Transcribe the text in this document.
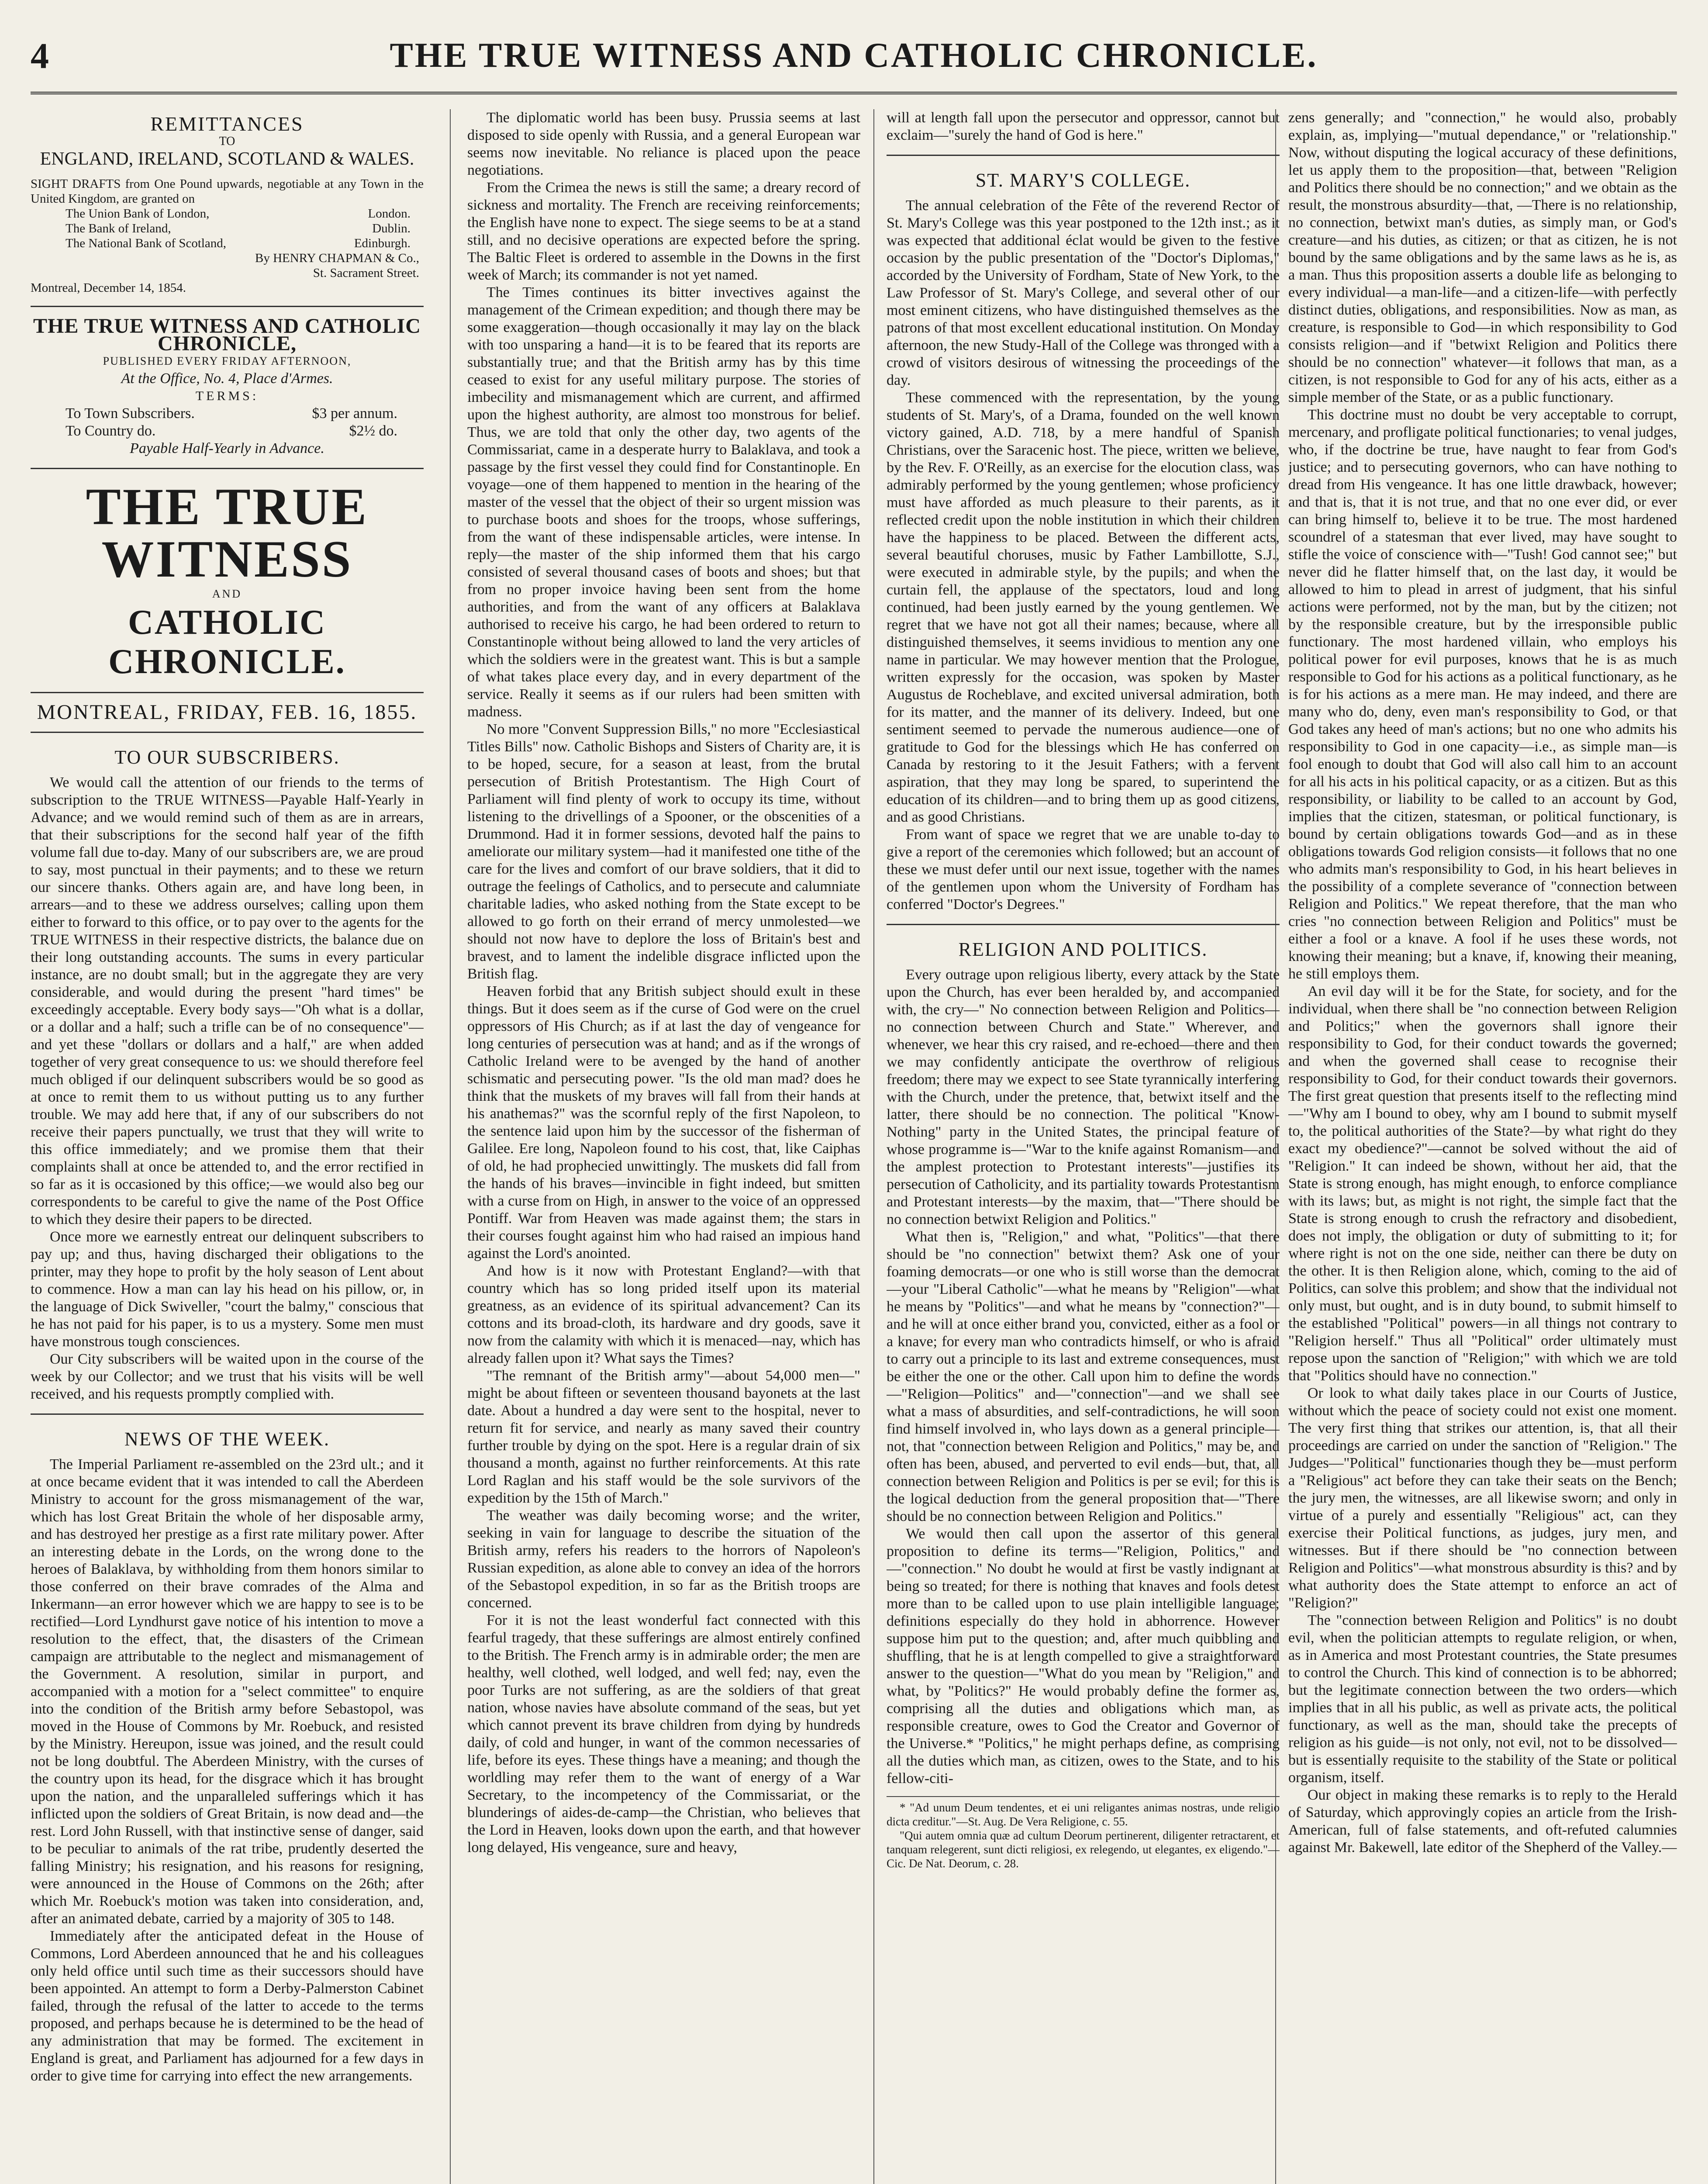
4	THE TRUE WITNESS AND CATHOLIC CHRONICLE.
REMITTANCES
TO
ENGLAND, IRELAND, SCOTLAND & WALES.

SIGHT DRAFTS from One Pound upwards, negotiable at any Town in the United Kingdom, are granted on

The Union Bank of London,	London.
The Bank of Ireland,	Dublin.
The National Bank of Scotland,	Edinburgh.
By HENRY CHAPMAN & Co.,
St. Sacrament Street.
Montreal, December 14, 1854.
THE TRUE WITNESS AND CATHOLIC CHRONICLE,
PUBLISHED EVERY FRIDAY AFTERNOON,
At the Office, No. 4, Place d'Armes.
TERMS:
To Town Subscribers.	$3 per annum.
To Country do.	$2½ do.
Payable Half-Yearly in Advance.
THE TRUE WITNESS
AND
CATHOLIC CHRONICLE.
MONTREAL, FRIDAY, FEB. 16, 1855.
TO OUR SUBSCRIBERS.

We would call the attention of our friends to the terms of subscription to the TRUE WITNESS—Payable Half-Yearly in Advance; and we would remind such of them as are in arrears, that their subscriptions for the second half year of the fifth volume fall due to-day. Many of our subscribers are, we are proud to say, most punctual in their payments; and to these we return our sincere thanks. Others again are, and have long been, in arrears—and to these we address ourselves; calling upon them either to forward to this office, or to pay over to the agents for the TRUE WITNESS in their respective districts, the balance due on their long outstanding accounts. The sums in every particular instance, are no doubt small; but in the aggregate they are very considerable, and would during the present "hard times" be exceedingly acceptable. Every body says—"Oh what is a dollar, or a dollar and a half; such a trifle can be of no consequence"—and yet these "dollars or dollars and a half," are when added together of very great consequence to us: we should therefore feel much obliged if our delinquent subscribers would be so good as at once to remit them to us without putting us to any further trouble. We may add here that, if any of our subscribers do not receive their papers punctually, we trust that they will write to this office immediately; and we promise them that their complaints shall at once be attended to, and the error rectified in so far as it is occasioned by this office;—we would also beg our correspondents to be careful to give the name of the Post Office to which they desire their papers to be directed.

Once more we earnestly entreat our delinquent subscribers to pay up; and thus, having discharged their obligations to the printer, may they hope to profit by the holy season of Lent about to commence. How a man can lay his head on his pillow, or, in the language of Dick Swiveller, "court the balmy," conscious that he has not paid for his paper, is to us a mystery. Some men must have monstrous tough consciences.

Our City subscribers will be waited upon in the course of the week by our Collector; and we trust that his visits will be well received, and his requests promptly complied with.

NEWS OF THE WEEK.

The Imperial Parliament re-assembled on the 23rd ult.; and it at once became evident that it was intended to call the Aberdeen Ministry to account for the gross mismanagement of the war, which has lost Great Britain the whole of her disposable army, and has destroyed her prestige as a first rate military power. After an interesting debate in the Lords, on the wrong done to the heroes of Balaklava, by withholding from them honors similar to those conferred on their brave comrades of the Alma and Inkermann—an error however which we are happy to see is to be rectified—Lord Lyndhurst gave notice of his intention to move a resolution to the effect, that, the disasters of the Crimean campaign are attributable to the neglect and mismanagement of the Government. A resolution, similar in purport, and accompanied with a motion for a "select committee" to enquire into the condition of the British army before Sebastopol, was moved in the House of Commons by Mr. Roebuck, and resisted by the Ministry. Hereupon, issue was joined, and the result could not be long doubtful. The Aberdeen Ministry, with the curses of the country upon its head, for the disgrace which it has brought upon the nation, and the unparalleled sufferings which it has inflicted upon the soldiers of Great Britain, is now dead and—the rest. Lord John Russell, with that instinctive sense of danger, said to be peculiar to animals of the rat tribe, prudently deserted the falling Ministry; his resignation, and his reasons for resigning, were announced in the House of Commons on the 26th; after which Mr. Roebuck's motion was taken into consideration, and, after an animated debate, carried by a majority of 305 to 148.

Immediately after the anticipated defeat in the House of Commons, Lord Aberdeen announced that he and his colleagues only held office until such time as their successors should have been appointed. An attempt to form a Derby-Palmerston Cabinet failed, through the refusal of the latter to accede to the terms proposed, and perhaps because he is determined to be the head of any administration that may be formed. The excitement in England is great, and Parliament has adjourned for a few days in order to give time for carrying into effect the new arrangements.

The diplomatic world has been busy. Prussia seems at last disposed to side openly with Russia, and a general European war seems now inevitable. No reliance is placed upon the peace negotiations.

From the Crimea the news is still the same; a dreary record of sickness and mortality. The French are receiving reinforcements; the English have none to expect. The siege seems to be at a stand still, and no decisive operations are expected before the spring. The Baltic Fleet is ordered to assemble in the Downs in the first week of March; its commander is not yet named.

The Times continues its bitter invectives against the management of the Crimean expedition; and though there may be some exaggeration—though occasionally it may lay on the black with too unsparing a hand—it is to be feared that its reports are substantially true; and that the British army has by this time ceased to exist for any useful military purpose. The stories of imbecility and mismanagement which are current, and affirmed upon the highest authority, are almost too monstrous for belief. Thus, we are told that only the other day, two agents of the Commissariat, came in a desperate hurry to Balaklava, and took a passage by the first vessel they could find for Constantinople. En voyage—one of them happened to mention in the hearing of the master of the vessel that the object of their so urgent mission was to purchase boots and shoes for the troops, whose sufferings, from the want of these indispensable articles, were intense. In reply—the master of the ship informed them that his cargo consisted of several thousand cases of boots and shoes; but that from no proper invoice having been sent from the home authorities, and from the want of any officers at Balaklava authorised to receive his cargo, he had been ordered to return to Constantinople without being allowed to land the very articles of which the soldiers were in the greatest want. This is but a sample of what takes place every day, and in every department of the service. Really it seems as if our rulers had been smitten with madness.

No more "Convent Suppression Bills," no more "Ecclesiastical Titles Bills" now. Catholic Bishops and Sisters of Charity are, it is to be hoped, secure, for a season at least, from the brutal persecution of British Protestantism. The High Court of Parliament will find plenty of work to occupy its time, without listening to the drivellings of a Spooner, or the obscenities of a Drummond. Had it in former sessions, devoted half the pains to ameliorate our military system—had it manifested one tithe of the care for the lives and comfort of our brave soldiers, that it did to outrage the feelings of Catholics, and to persecute and calumniate charitable ladies, who asked nothing from the State except to be allowed to go forth on their errand of mercy unmolested—we should not now have to deplore the loss of Britain's best and bravest, and to lament the indelible disgrace inflicted upon the British flag.

Heaven forbid that any British subject should exult in these things. But it does seem as if the curse of God were on the cruel oppressors of His Church; as if at last the day of vengeance for long centuries of persecution was at hand; and as if the wrongs of Catholic Ireland were to be avenged by the hand of another schismatic and persecuting power. "Is the old man mad? does he think that the muskets of my braves will fall from their hands at his anathemas?" was the scornful reply of the first Napoleon, to the sentence laid upon him by the successor of the fisherman of Galilee. Ere long, Napoleon found to his cost, that, like Caiphas of old, he had prophecied unwittingly. The muskets did fall from the hands of his braves—invincible in fight indeed, but smitten with a curse from on High, in answer to the voice of an oppressed Pontiff. War from Heaven was made against them; the stars in their courses fought against him who had raised an impious hand against the Lord's anointed.

And how is it now with Protestant England?—with that country which has so long prided itself upon its material greatness, as an evidence of its spiritual advancement? Can its cottons and its broad-cloth, its hardware and dry goods, save it now from the calamity with which it is menaced—nay, which has already fallen upon it? What says the Times?

"The remnant of the British army"—about 54,000 men—" might be about fifteen or seventeen thousand bayonets at the last date. About a hundred a day were sent to the hospital, never to return fit for service, and nearly as many saved their country further trouble by dying on the spot. Here is a regular drain of six thousand a month, against no further reinforcements. At this rate Lord Raglan and his staff would be the sole survivors of the expedition by the 15th of March."

The weather was daily becoming worse; and the writer, seeking in vain for language to describe the situation of the British army, refers his readers to the horrors of Napoleon's Russian expedition, as alone able to convey an idea of the horrors of the Sebastopol expedition, in so far as the British troops are concerned.

For it is not the least wonderful fact connected with this fearful tragedy, that these sufferings are almost entirely confined to the British. The French army is in admirable order; the men are healthy, well clothed, well lodged, and well fed; nay, even the poor Turks are not suffering, as are the soldiers of that great nation, whose navies have absolute command of the seas, but yet which cannot prevent its brave children from dying by hundreds daily, of cold and hunger, in want of the common necessaries of life, before its eyes. These things have a meaning; and though the worldling may refer them to the want of energy of a War Secretary, to the incompetency of the Commissariat, or the blunderings of aides-de-camp—the Christian, who believes that the Lord in Heaven, looks down upon the earth, and that however long delayed, His vengeance, sure and heavy,

will at length fall upon the persecutor and oppressor, cannot but exclaim—"surely the hand of God is here."

ST. MARY'S COLLEGE.

The annual celebration of the Fête of the reverend Rector of St. Mary's College was this year postponed to the 12th inst.; as it was expected that additional éclat would be given to the festive occasion by the public presentation of the "Doctor's Diplomas," accorded by the University of Fordham, State of New York, to the Law Professor of St. Mary's College, and several other of our most eminent citizens, who have distinguished themselves as the patrons of that most excellent educational institution. On Monday afternoon, the new Study-Hall of the College was thronged with a crowd of visitors desirous of witnessing the proceedings of the day.

These commenced with the representation, by the young students of St. Mary's, of a Drama, founded on the well known victory gained, A.D. 718, by a mere handful of Spanish Christians, over the Saracenic host. The piece, written we believe, by the Rev. F. O'Reilly, as an exercise for the elocution class, was admirably performed by the young gentlemen; whose proficiency must have afforded as much pleasure to their parents, as it reflected credit upon the noble institution in which their children have the happiness to be placed. Between the different acts, several beautiful choruses, music by Father Lambillotte, S.J., were executed in admirable style, by the pupils; and when the curtain fell, the applause of the spectators, loud and long continued, had been justly earned by the young gentlemen. We regret that we have not got all their names; because, where all distinguished themselves, it seems invidious to mention any one name in particular. We may however mention that the Prologue, written expressly for the occasion, was spoken by Master Augustus de Rocheblave, and excited universal admiration, both for its matter, and the manner of its delivery. Indeed, but one sentiment seemed to pervade the numerous audience—one of gratitude to God for the blessings which He has conferred on Canada by restoring to it the Jesuit Fathers; with a fervent aspiration, that they may long be spared, to superintend the education of its children—and to bring them up as good citizens, and as good Christians.

From want of space we regret that we are unable to-day to give a report of the ceremonies which followed; but an account of these we must defer until our next issue, together with the names of the gentlemen upon whom the University of Fordham has conferred "Doctor's Degrees."

RELIGION AND POLITICS.

Every outrage upon religious liberty, every attack by the State upon the Church, has ever been heralded by, and accompanied with, the cry—" No connection between Religion and Politics—no connection between Church and State." Wherever, and whenever, we hear this cry raised, and re-echoed—there and then we may confidently anticipate the overthrow of religious freedom; there may we expect to see State tyrannically interfering with the Church, under the pretence, that, betwixt itself and the latter, there should be no connection. The political "Know-Nothing" party in the United States, the principal feature of whose programme is—"War to the knife against Romanism—and the amplest protection to Protestant interests"—justifies its persecution of Catholicity, and its partiality towards Protestantism and Protestant interests—by the maxim, that—"There should be no connection betwixt Religion and Politics."

What then is, "Religion," and what, "Politics"—that there should be "no connection" betwixt them? Ask one of your foaming democrats—or one who is still worse than the democrat—your "Liberal Catholic"—what he means by "Religion"—what he means by "Politics"—and what he means by "connection?"—and he will at once either brand you, convicted, either as a fool or a knave; for every man who contradicts himself, or who is afraid to carry out a principle to its last and extreme consequences, must be either the one or the other. Call upon him to define the words—"Religion—Politics" and—"connection"—and we shall see what a mass of absurdities, and self-contradictions, he will soon find himself involved in, who lays down as a general principle—not, that "connection between Religion and Politics," may be, and often has been, abused, and perverted to evil ends—but, that, all connection between Religion and Politics is per se evil; for this is the logical deduction from the general proposition that—"There should be no connection between Religion and Politics."

We would then call upon the assertor of this general proposition to define its terms—"Religion, Politics," and—"connection." No doubt he would at first be vastly indignant at being so treated; for there is nothing that knaves and fools detest more than to be called upon to use plain intelligible language; definitions especially do they hold in abhorrence. However suppose him put to the question; and, after much quibbling and shuffling, that he is at length compelled to give a straightforward answer to the question—"What do you mean by "Religion," and what, by "Politics?" He would probably define the former as, comprising all the duties and obligations which man, as responsible creature, owes to God the Creator and Governor of the Universe.* "Politics," he might perhaps define, as comprising all the duties which man, as citizen, owes to the State, and to his fellow-citi-

* "Ad unum Deum tendentes, et ei uni religantes animas nostras, unde religio dicta creditur."—St. Aug. De Vera Religione, c. 55.

"Qui autem omnia quæ ad cultum Deorum pertinerent, diligenter retractarent, et tanquam relegerent, sunt dicti religiosi, ex relegendo, ut elegantes, ex eligendo."—Cic. De Nat. Deorum, c. 28.

zens generally; and "connection," he would also, probably explain, as, implying—"mutual dependance," or "relationship." Now, without disputing the logical accuracy of these definitions, let us apply them to the proposition—that, between "Religion and Politics there should be no connection;" and we obtain as the result, the monstrous absurdity—that, —There is no relationship, no connection, betwixt man's duties, as simply man, or God's creature—and his duties, as citizen; or that as citizen, he is not bound by the same obligations and by the same laws as he is, as a man. Thus this proposition asserts a double life as belonging to every individual—a man-life—and a citizen-life—with perfectly distinct duties, obligations, and responsibilities. Now as man, as creature, is responsible to God—in which responsibility to God consists religion—and if "betwixt Religion and Politics there should be no connection" whatever—it follows that man, as a citizen, is not responsible to God for any of his acts, either as a simple member of the State, or as a public functionary.

This doctrine must no doubt be very acceptable to corrupt, mercenary, and profligate political functionaries; to venal judges, who, if the doctrine be true, have naught to fear from God's justice; and to persecuting governors, who can have nothing to dread from His vengeance. It has one little drawback, however; and that is, that it is not true, and that no one ever did, or ever can bring himself to, believe it to be true. The most hardened scoundrel of a statesman that ever lived, may have sought to stifle the voice of conscience with—"Tush! God cannot see;" but never did he flatter himself that, on the last day, it would be allowed to him to plead in arrest of judgment, that his sinful actions were performed, not by the man, but by the citizen; not by the responsible creature, but by the irresponsible public functionary. The most hardened villain, who employs his political power for evil purposes, knows that he is as much responsible to God for his actions as a political functionary, as he is for his actions as a mere man. He may indeed, and there are many who do, deny, even man's responsibility to God, or that God takes any heed of man's actions; but no one who admits his responsibility to God in one capacity—i.e., as simple man—is fool enough to doubt that God will also call him to an account for all his acts in his political capacity, or as a citizen. But as this responsibility, or liability to be called to an account by God, implies that the citizen, statesman, or political functionary, is bound by certain obligations towards God—and as in these obligations towards God religion consists—it follows that no one who admits man's responsibility to God, in his heart believes in the possibility of a complete severance of "connection between Religion and Politics." We repeat therefore, that the man who cries "no connection between Religion and Politics" must be either a fool or a knave. A fool if he uses these words, not knowing their meaning; but a knave, if, knowing their meaning, he still employs them.

An evil day will it be for the State, for society, and for the individual, when there shall be "no connection between Religion and Politics;" when the governors shall ignore their responsibility to God, for their conduct towards the governed; and when the governed shall cease to recognise their responsibility to God, for their conduct towards their governors. The first great question that presents itself to the reflecting mind—"Why am I bound to obey, why am I bound to submit myself to, the political authorities of the State?—by what right do they exact my obedience?"—cannot be solved without the aid of "Religion." It can indeed be shown, without her aid, that the State is strong enough, has might enough, to enforce compliance with its laws; but, as might is not right, the simple fact that the State is strong enough to crush the refractory and disobedient, does not imply, the obligation or duty of submitting to it; for where right is not on the one side, neither can there be duty on the other. It is then Religion alone, which, coming to the aid of Politics, can solve this problem; and show that the individual not only must, but ought, and is in duty bound, to submit himself to the established "Political" powers—in all things not contrary to "Religion herself." Thus all "Political" order ultimately must repose upon the sanction of "Religion;" with which we are told that "Politics should have no connection."

Or look to what daily takes place in our Courts of Justice, without which the peace of society could not exist one moment. The very first thing that strikes our attention, is, that all their proceedings are carried on under the sanction of "Religion." The Judges—"Political" functionaries though they be—must perform a "Religious" act before they can take their seats on the Bench; the jury men, the witnesses, are all likewise sworn; and only in virtue of a purely and essentially "Religious" act, can they exercise their Political functions, as judges, jury men, and witnesses. But if there should be "no connection between Religion and Politics"—what monstrous absurdity is this? and by what authority does the State attempt to enforce an act of "Religion?"

The "connection between Religion and Politics" is no doubt evil, when the politician attempts to regulate religion, or when, as in America and most Protestant countries, the State presumes to control the Church. This kind of connection is to be abhorred; but the legitimate connection between the two orders—which implies that in all his public, as well as private acts, the political functionary, as well as the man, should take the precepts of religion as his guide—is not only, not evil, not to be dissolved—but is essentially requisite to the stability of the State or political organism, itself.

Our object in making these remarks is to reply to the Herald of Saturday, which approvingly copies an article from the Irish-American, full of false statements, and oft-refuted calumnies against Mr. Bakewell, late editor of the Shepherd of the Valley.—
